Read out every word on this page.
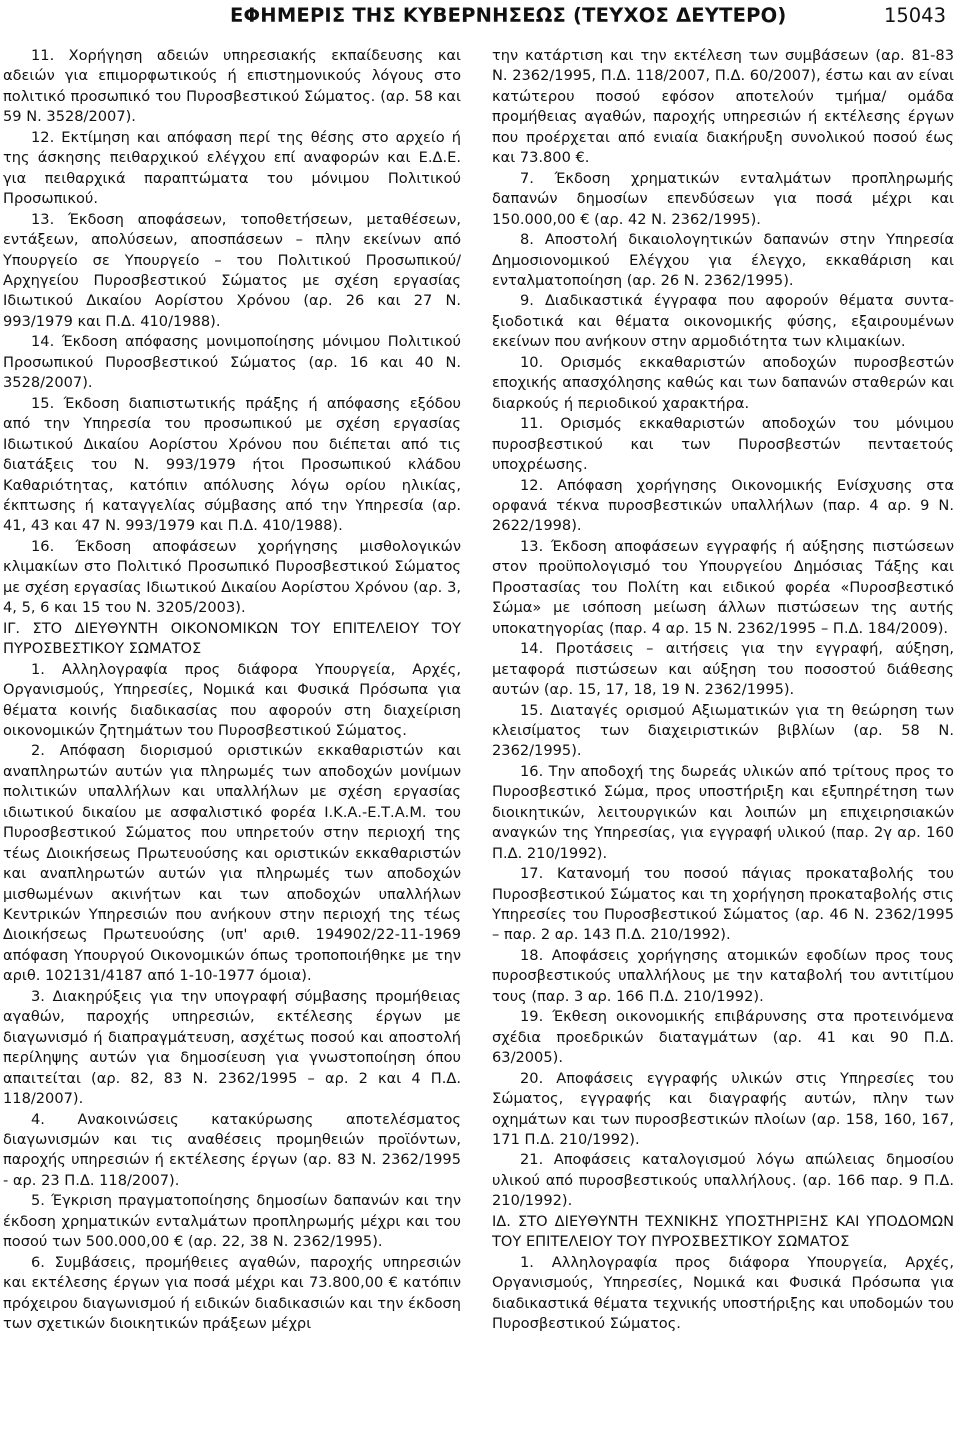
ΕΦΗΜΕΡΙΣ ΤΗΣ ΚΥΒΕΡΝΗΣΕΩΣ (ΤΕΥΧΟΣ ΔΕΥΤΕΡΟ)	15043

11. Χορήγηση αδειών υπηρεσιακής εκπαίδευσης και αδειών για επιμορφωτικούς ή επιστημονικούς λόγους στο πολιτικό προσωπικό του Πυροσβεστικού Σώματος. (αρ. 58 και 59 Ν. 3528/2007).

12. Εκτίμηση και απόφαση περί της θέσης στο αρχείο ή της άσκησης πειθαρχικού ελέγχου επί αναφορών και Ε.Δ.Ε. για πειθαρχικά παραπτώματα του μόνιμου Πολιτικού Προσωπικού.

13. Έκδοση αποφάσεων, τοποθετήσεων, μεταθέσεων, εντάξεων, απολύσεων, αποσπάσεων – πλην εκείνων από Υπουργείο σε Υπουργείο – του Πολιτικού Προσωπικού/ Αρχηγείου Πυροσβεστικού Σώματος με σχέση εργασίας Ιδιωτικού Δικαίου Αορίστου Χρόνου (αρ. 26 και 27 Ν. 993/1979 και Π.Δ. 410/1988).

14. Έκδοση απόφασης μονιμοποίησης μόνιμου Πολιτικού Προσωπικού Πυροσβεστικού Σώματος (αρ. 16 και 40 Ν. 3528/2007).

15. Έκδοση διαπιστωτικής πράξης ή απόφασης εξόδου από την Υπηρεσία του προσωπικού με σχέση εργασίας Ιδιωτικού Δικαίου Αορίστου Χρόνου που διέπεται από τις διατάξεις του Ν. 993/1979 ήτοι Προσωπικού κλάδου Καθαριότητας, κατόπιν απόλυσης λόγω ορίου ηλικίας, έκπτωσης ή καταγγελίας σύμβασης από την Υπηρεσία (αρ. 41, 43 και 47 Ν. 993/1979 και Π.Δ. 410/1988).

16. Έκδοση αποφάσεων χορήγησης μισθολογικών κλιμακίων στο Πολιτικό Προσωπικό Πυροσβεστικού Σώματος με σχέση εργασίας Ιδιωτικού Δικαίου Αορίστου Χρόνου (αρ. 3, 4, 5, 6 και 15 του Ν. 3205/2003).

ΙΓ. ΣΤΟ ΔΙΕΥΘΥΝΤΗ ΟΙΚΟΝΟΜΙΚΩΝ ΤΟΥ ΕΠΙΤΕΛΕΙΟΥ ΤΟΥ ΠΥΡΟΣΒΕΣΤΙΚΟΥ ΣΩΜΑΤΟΣ

1. Αλληλογραφία προς διάφορα Υπουργεία, Αρχές, Οργανισμούς, Υπηρεσίες, Νομικά και Φυσικά Πρόσωπα για θέματα κοινής διαδικασίας που αφορούν στη διαχείριση οικονομικών ζητημάτων του Πυροσβεστικού Σώματος.

2. Απόφαση διορισμού οριστικών εκκαθαριστών και αναπληρωτών αυτών για πληρωμές των αποδοχών μονίμων πολιτικών υπαλλήλων και υπαλλήλων με σχέση εργασίας ιδιωτικού δικαίου με ασφαλιστικό φορέα Ι.Κ.Α.-Ε.Τ.Α.Μ. του Πυροσβεστικού Σώματος που υπηρετούν στην περιοχή της τέως Διοικήσεως Πρωτευούσης και οριστικών εκκαθαριστών και αναπληρωτών αυτών για πληρωμές των αποδοχών μισθωμένων ακινήτων και των αποδοχών υπαλλήλων Κεντρικών Υπηρεσιών που ανήκουν στην περιοχή της τέως Διοικήσεως Πρωτευούσης (υπ' αριθ. 194902/22-11-1969 απόφαση Υπουργού Οικονομικών όπως τροποποιήθηκε με την αριθ. 102131/4187 από 1-10-1977 όμοια).

3. Διακηρύξεις για την υπογραφή σύμβασης προμήθειας αγαθών, παροχής υπηρεσιών, εκτέλεσης έργων με διαγωνισμό ή διαπραγμάτευση, ασχέτως ποσού και αποστολή περίληψης αυτών για δημοσίευση για γνωστοποίηση όπου απαιτείται (αρ. 82, 83 Ν. 2362/1995 – αρ. 2 και 4 Π.Δ. 118/2007).

4. Ανακοινώσεις κατακύρωσης αποτελέσματος διαγωνισμών και τις αναθέσεις προμηθειών προϊόντων, παροχής υπηρεσιών ή εκτέλεσης έργων (αρ. 83 Ν. 2362/1995 - αρ. 23 Π.Δ. 118/2007).

5. Έγκριση πραγματοποίησης δημοσίων δαπανών και την έκδοση χρηματικών ενταλμάτων προπληρωμής μέχρι και του ποσού των 500.000,00 € (αρ. 22, 38 Ν. 2362/1995).

6. Συμβάσεις, προμήθειες αγαθών, παροχής υπηρεσιών και εκτέλεσης έργων για ποσά μέχρι και 73.800,00 € κατόπιν πρόχειρου διαγωνισμού ή ειδικών διαδικασιών και την έκδοση των σχετικών διοικητικών πράξεων μέχρι

την κατάρτιση και την εκτέλεση των συμβάσεων (αρ. 81-83 Ν. 2362/1995, Π.Δ. 118/2007, Π.Δ. 60/2007), έστω και αν είναι κατώτερου ποσού εφόσον αποτελούν τμήμα/ ομάδα προμήθειας αγαθών, παροχής υπηρεσιών ή εκτέλεσης έργων που προέρχεται από ενιαία διακήρυξη συνολικού ποσού έως και 73.800 €.

7. Έκδοση χρηματικών ενταλμάτων προπληρωμής δαπανών δημοσίων επενδύσεων για ποσά μέχρι και 150.000,00 € (αρ. 42 Ν. 2362/1995).

8. Αποστολή δικαιολογητικών δαπανών στην Υπηρεσία Δημοσιονομικού Ελέγχου για έλεγχο, εκκαθάριση και ενταλματοποίηση (αρ. 26 Ν. 2362/1995).

9. Διαδικαστικά έγγραφα που αφορούν θέματα συντα-ξιοδοτικά και θέματα οικονομικής φύσης, εξαιρουμένων εκείνων που ανήκουν στην αρμοδιότητα των κλιμακίων.

10. Ορισμός εκκαθαριστών αποδοχών πυροσβεστών εποχικής απασχόλησης καθώς και των δαπανών σταθερών και διαρκούς ή περιοδικού χαρακτήρα.

11. Ορισμός εκκαθαριστών αποδοχών του μόνιμου πυροσβεστικού και των Πυροσβεστών πενταετούς υποχρέωσης.

12. Απόφαση χορήγησης Οικονομικής Ενίσχυσης στα ορφανά τέκνα πυροσβεστικών υπαλλήλων (παρ. 4 αρ. 9 Ν. 2622/1998).

13. Έκδοση αποφάσεων εγγραφής ή αύξησης πιστώσεων στον προϋπολογισμό του Υπουργείου Δημόσιας Τάξης και Προστασίας του Πολίτη και ειδικού φορέα «Πυροσβεστικό Σώμα» με ισόποση μείωση άλλων πιστώσεων της αυτής υποκατηγορίας (παρ. 4 αρ. 15 Ν. 2362/1995 – Π.Δ. 184/2009).

14. Προτάσεις – αιτήσεις για την εγγραφή, αύξηση, μεταφορά πιστώσεων και αύξηση του ποσοστού διάθεσης αυτών (αρ. 15, 17, 18, 19 Ν. 2362/1995).

15. Διαταγές ορισμού Αξιωματικών για τη θεώρηση των κλεισίματος των διαχειριστικών βιβλίων (αρ. 58 Ν. 2362/1995).

16. Την αποδοχή της δωρεάς υλικών από τρίτους προς το Πυροσβεστικό Σώμα, προς υποστήριξη και εξυπηρέτηση των διοικητικών, λειτουργικών και λοιπών μη επιχειρησιακών αναγκών της Υπηρεσίας, για εγγραφή υλικού (παρ. 2γ αρ. 160 Π.Δ. 210/1992).

17. Κατανομή του ποσού πάγιας προκαταβολής του Πυροσβεστικού Σώματος και τη χορήγηση προκαταβολής στις Υπηρεσίες του Πυροσβεστικού Σώματος (αρ. 46 Ν. 2362/1995 – παρ. 2 αρ. 143 Π.Δ. 210/1992).

18. Αποφάσεις χορήγησης ατομικών εφοδίων προς τους πυροσβεστικούς υπαλλήλους με την καταβολή του αντιτίμου τους (παρ. 3 αρ. 166 Π.Δ. 210/1992).

19. Έκθεση οικονομικής επιβάρυνσης στα προτεινόμενα σχέδια προεδρικών διαταγμάτων (αρ. 41 και 90 Π.Δ. 63/2005).

20. Αποφάσεις εγγραφής υλικών στις Υπηρεσίες του Σώματος, εγγραφής και διαγραφής αυτών, πλην των οχημάτων και των πυροσβεστικών πλοίων (αρ. 158, 160, 167, 171 Π.Δ. 210/1992).

21. Αποφάσεις καταλογισμού λόγω απώλειας δημοσίου υλικού από πυροσβεστικούς υπαλλήλους. (αρ. 166 παρ. 9 Π.Δ. 210/1992).

ΙΔ. ΣΤΟ ΔΙΕΥΘΥΝΤΗ ΤΕΧΝΙΚΗΣ ΥΠΟΣΤΗΡΙΞΗΣ ΚΑΙ ΥΠΟΔΟΜΩΝ ΤΟΥ ΕΠΙΤΕΛΕΙΟΥ ΤΟΥ ΠΥΡΟΣΒΕΣΤΙΚΟΥ ΣΩΜΑΤΟΣ

1. Αλληλογραφία προς διάφορα Υπουργεία, Αρχές, Οργανισμούς, Υπηρεσίες, Νομικά και Φυσικά Πρόσωπα για διαδικαστικά θέματα τεχνικής υποστήριξης και υποδομών του Πυροσβεστικού Σώματος.
